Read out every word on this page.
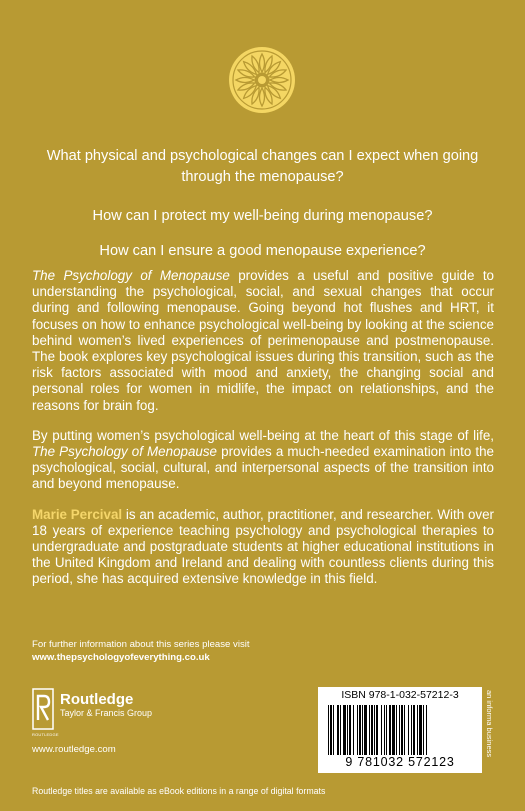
What physical and psychological changes can I expect when going through the menopause?

How can I protect my well-being during menopause?

How can I ensure a good menopause experience?

The Psychology of Menopause provides a useful and positive guide to understanding the psychological, social, and sexual changes that occur during and following menopause. Going beyond hot flushes and HRT, it focuses on how to enhance psychological well-being by looking at the science behind women’s lived experiences of perimenopause and postmenopause. The book explores key psychological issues during this transition, such as the risk factors associated with mood and anxiety, the changing social and personal roles for women in midlife, the impact on relationships, and the reasons for brain fog.

By putting women’s psychological well-being at the heart of this stage of life, The Psychology of Menopause provides a much-needed examination into the psychological, social, cultural, and interpersonal aspects of the transition into and beyond menopause.

Marie Percival is an academic, author, practitioner, and researcher. With over 18 years of experience teaching psychology and psychological therapies to undergraduate and postgraduate students at higher educational institutions in the United Kingdom and Ireland and dealing with countless clients during this period, she has acquired extensive knowledge in this field.

For further information about this series please visit
www.thepsychologyofeverything.co.uk
ROUTLEDGE
Routledge
Taylor & Francis Group
www.routledge.com
ISBN 978-1-032-57212-3
9 781032 572123
an informa business
Routledge titles are available as eBook editions in a range of digital formats
